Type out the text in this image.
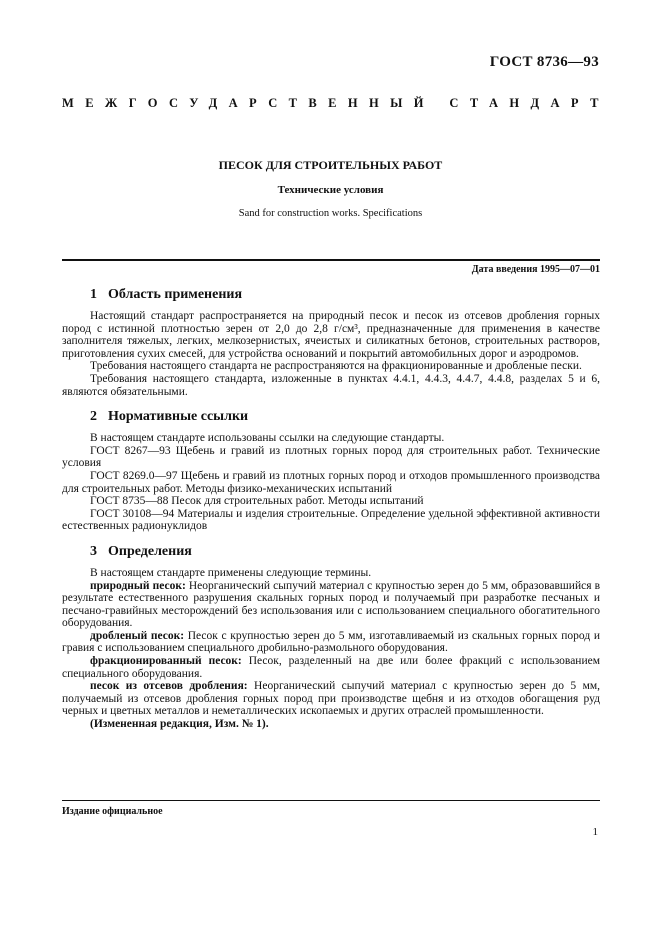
ГОСТ 8736—93
МЕЖГОСУДАРСТВЕННЫЙ СТАНДАРТ
ПЕСОК ДЛЯ СТРОИТЕЛЬНЫХ РАБОТ
Технические условия
Sand for construction works. Specifications
Дата введения 1995—07—01
1 Область применения

Настоящий стандарт распространяется на природный песок и песок из отсевов дробления горных пород с истинной плотностью зерен от 2,0 до 2,8 г/см³, предназначенные для применения в качестве заполнителя тяжелых, легких, мелкозернистых, ячеистых и силикатных бетонов, строительных растворов, приготовления сухих смесей, для устройства оснований и покрытий автомобильных дорог и аэродромов.

Требования настоящего стандарта не распространяются на фракционированные и дробленые пески.

Требования настоящего стандарта, изложенные в пунктах 4.4.1, 4.4.3, 4.4.7, 4.4.8, разделах 5 и 6, являются обязательными.

2 Нормативные ссылки

В настоящем стандарте использованы ссылки на следующие стандарты.

ГОСТ 8267—93 Щебень и гравий из плотных горных пород для строительных работ. Технические условия

ГОСТ 8269.0—97 Щебень и гравий из плотных горных пород и отходов промышленного производства для строительных работ. Методы физико-механических испытаний

ГОСТ 8735—88 Песок для строительных работ. Методы испытаний

ГОСТ 30108—94 Материалы и изделия строительные. Определение удельной эффективной активности естественных радионуклидов

3 Определения

В настоящем стандарте применены следующие термины.

природный песок: Неорганический сыпучий материал с крупностью зерен до 5 мм, образовавшийся в результате естественного разрушения скальных горных пород и получаемый при разработке песчаных и песчано-гравийных месторождений без использования или с использованием специального обогатительного оборудования.

дробленый песок: Песок с крупностью зерен до 5 мм, изготавливаемый из скальных горных пород и гравия с использованием специального дробильно-размольного оборудования.

фракционированный песок: Песок, разделенный на две или более фракций с использованием специального оборудования.

песок из отсевов дробления: Неорганический сыпучий материал с крупностью зерен до 5 мм, получаемый из отсевов дробления горных пород при производстве щебня и из отходов обогащения руд черных и цветных металлов и неметаллических ископаемых и других отраслей промышленности.

(Измененная редакция, Изм. № 1).

Издание официальное
1
